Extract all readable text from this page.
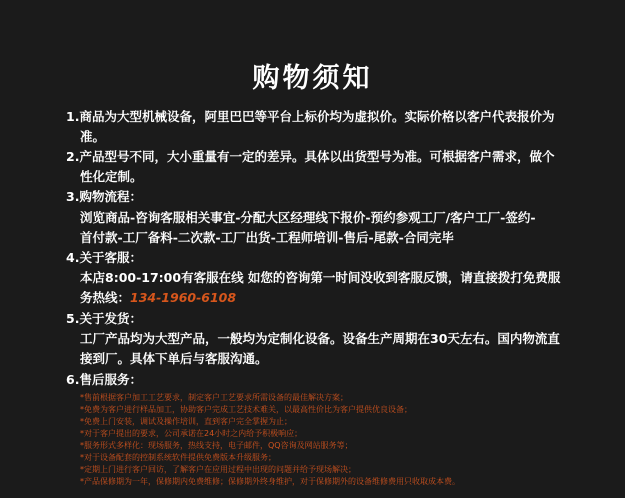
购物须知
1.商品为大型机械设备，阿里巴巴等平台上标价均为虚拟价。实际价格以客户代表报价为
准。
2.产品型号不同，大小重量有一定的差异。具体以出货型号为准。可根据客户需求，做个
性化定制。
3.购物流程：
浏览商品-咨询客服相关事宜-分配大区经理线下报价-预约参观工厂/客户工厂-签约-
首付款-工厂备料-二次款-工厂出货-工程师培训-售后-尾款-合同完毕
4.关于客服：
本店8:00-17:00有客服在线 如您的咨询第一时间没收到客服反馈，请直接拨打免费服
务热线：134-1960-6108
5.关于发货：
工厂产品均为大型产品，一般均为定制化设备。设备生产周期在30天左右。国内物流直
接到厂。具体下单后与客服沟通。
6.售后服务：
*售前根据客户加工工艺要求，制定客户工艺要求所需设备的最佳解决方案；
*免费为客户进行样品加工，协助客户完成工艺技术难关，以最高性价比为客户提供优良设备；
*免费上门安装，调试及操作培训，直到客户完全掌握为止；
*对于客户提出的要求，公司承诺在24小时之内给予积极响应；
*服务形式多样化：现场服务，热线支持，电子邮件，QQ咨询及网站服务等；
*对于设备配套的控制系统软件提供免费版本升级服务；
*定期上门进行客户回访，了解客户在应用过程中出现的问题并给予现场解决；
*产品保修期为一年，保修期内免费维修；保修期外终身维护，对于保修期外的设备维修费用只收取成本费。
